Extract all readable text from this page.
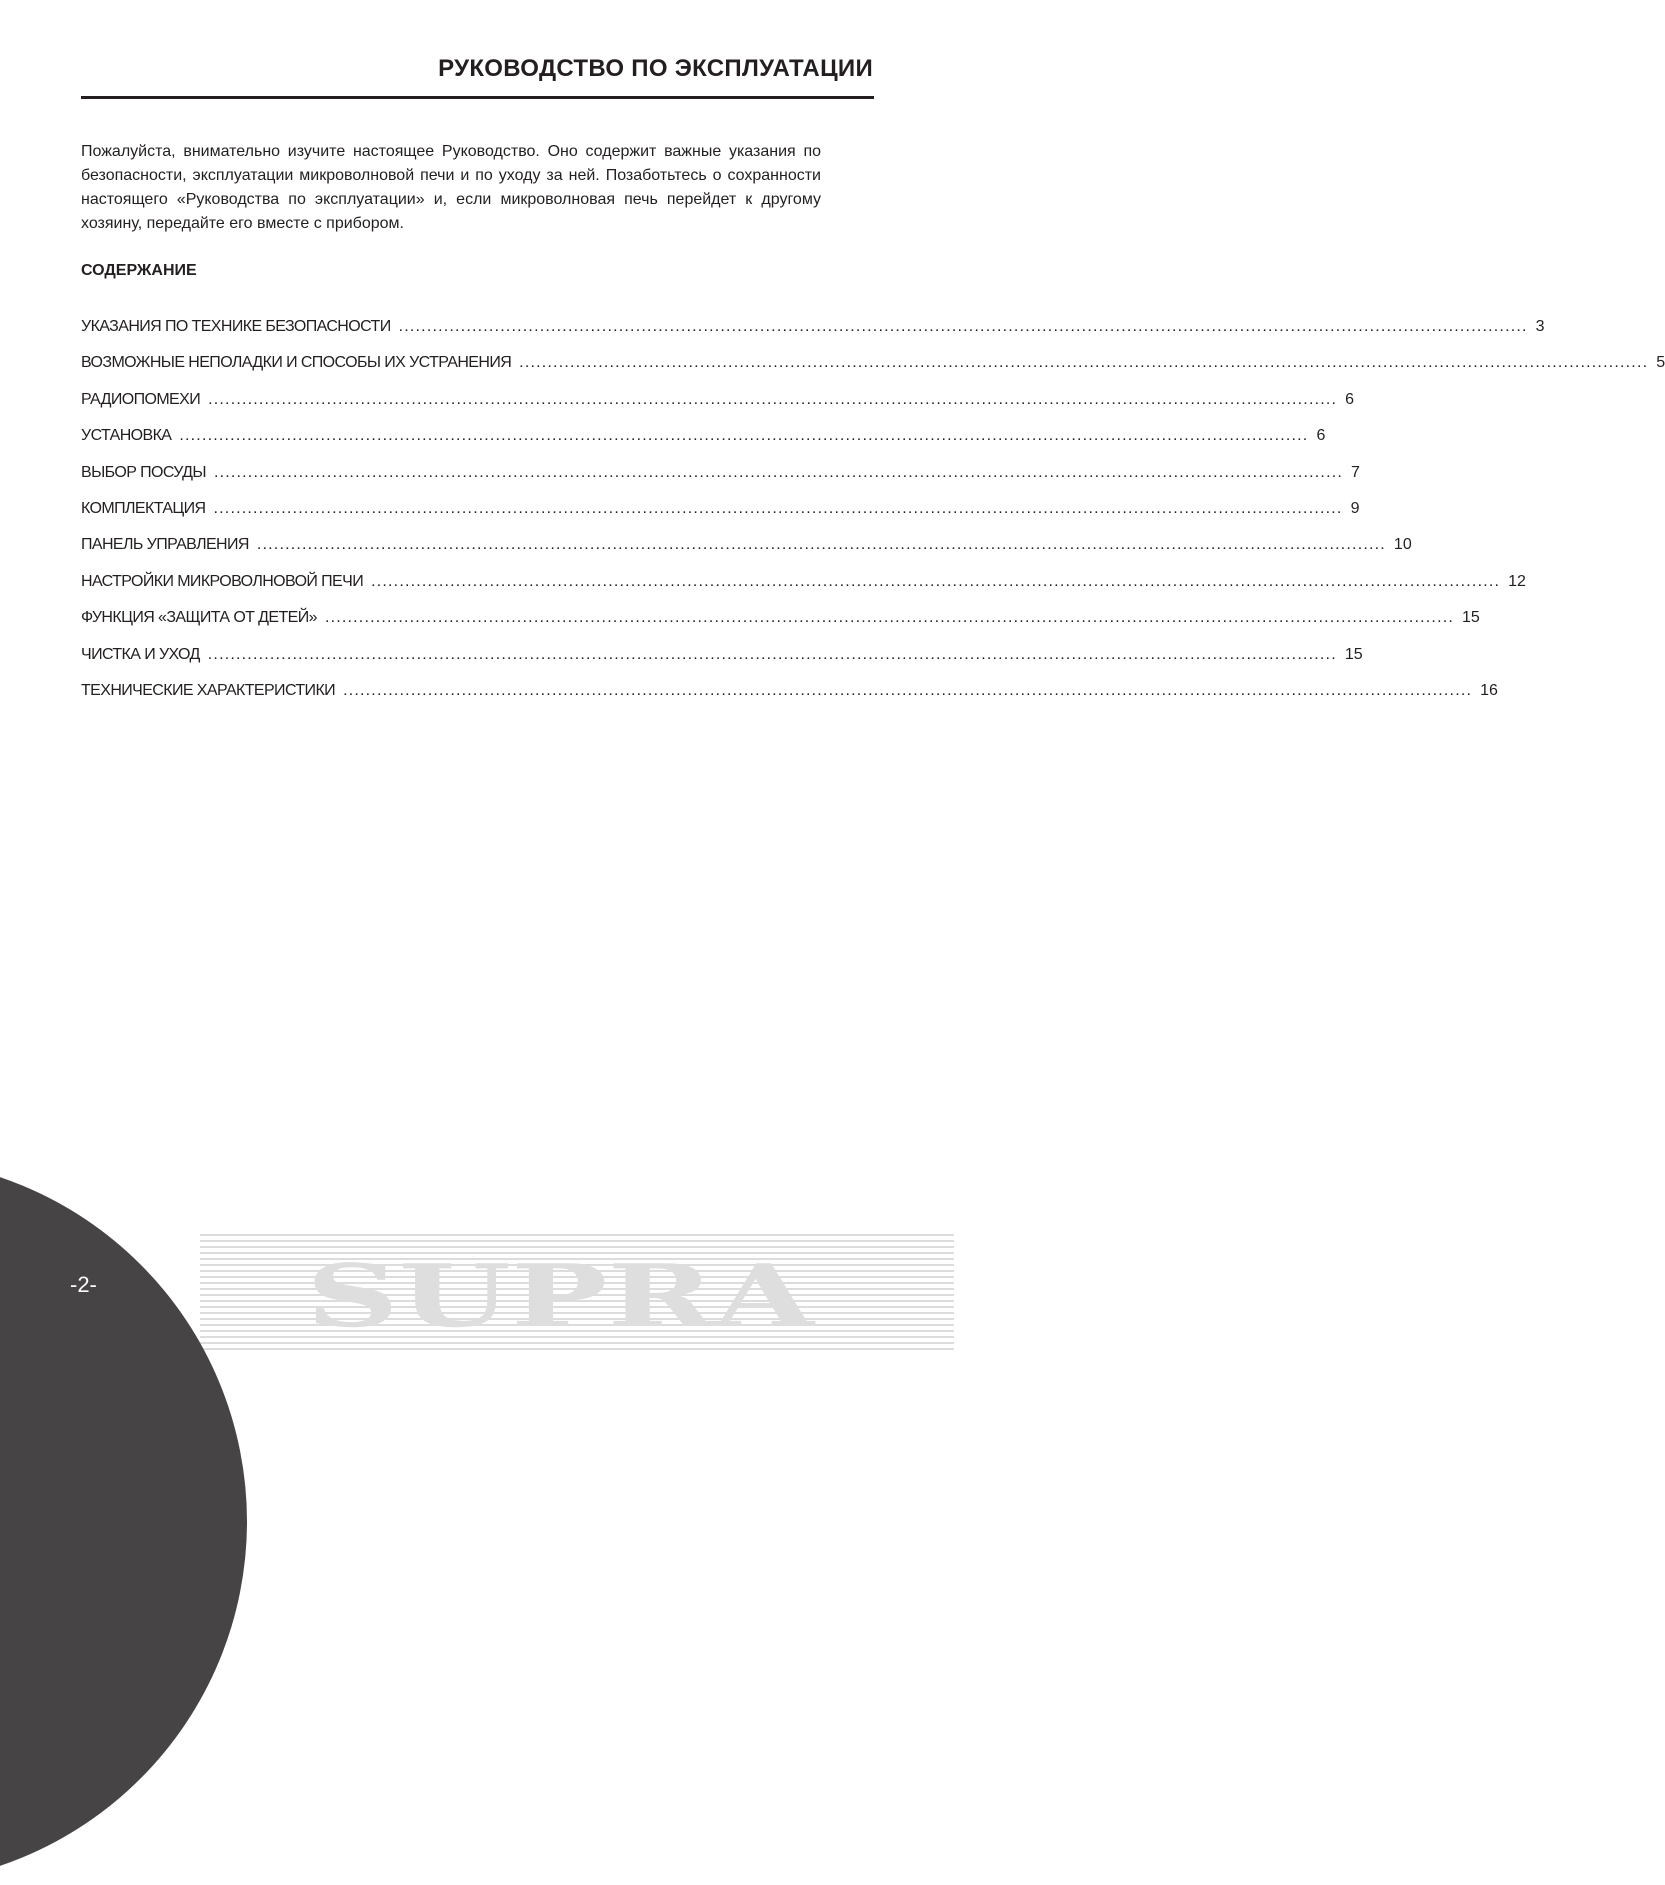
РУКОВОДСТВО ПО ЭКСПЛУАТАЦИИ

Пожалуйста, внимательно изучите настоящее Руководство. Оно содержит важные указания по безопасности, эксплуатации микроволновой печи и по уходу за ней. Позаботьтесь о сохранности настоящего «Руководства по эксплуатации» и, если микроволновая печь перейдет к другому хозяину, передайте его вместе с прибором.

СОДЕРЖАНИЕ
УКАЗАНИЯ ПО ТЕХНИКЕ БЕЗОПАСНОСТИ ........................................................................................................................................................................................................ 3
ВОЗМОЖНЫЕ НЕПОЛАДКИ И СПОСОБЫ ИХ УСТРАНЕНИЯ ........................................................................................................................................................................................................ 5
РАДИОПОМЕХИ ........................................................................................................................................................................................................ 6
УСТАНОВКА ........................................................................................................................................................................................................ 6
ВЫБОР ПОСУДЫ ........................................................................................................................................................................................................ 7
КОМПЛЕКТАЦИЯ ........................................................................................................................................................................................................ 9
ПАНЕЛЬ УПРАВЛЕНИЯ ........................................................................................................................................................................................................ 10
НАСТРОЙКИ МИКРОВОЛНОВОЙ ПЕЧИ ........................................................................................................................................................................................................ 12
ФУНКЦИЯ «ЗАЩИТА ОТ ДЕТЕЙ» ........................................................................................................................................................................................................ 15
ЧИСТКА И УХОД ........................................................................................................................................................................................................ 15
ТЕХНИЧЕСКИЕ ХАРАКТЕРИСТИКИ ........................................................................................................................................................................................................ 16
SUPRA
-2-
